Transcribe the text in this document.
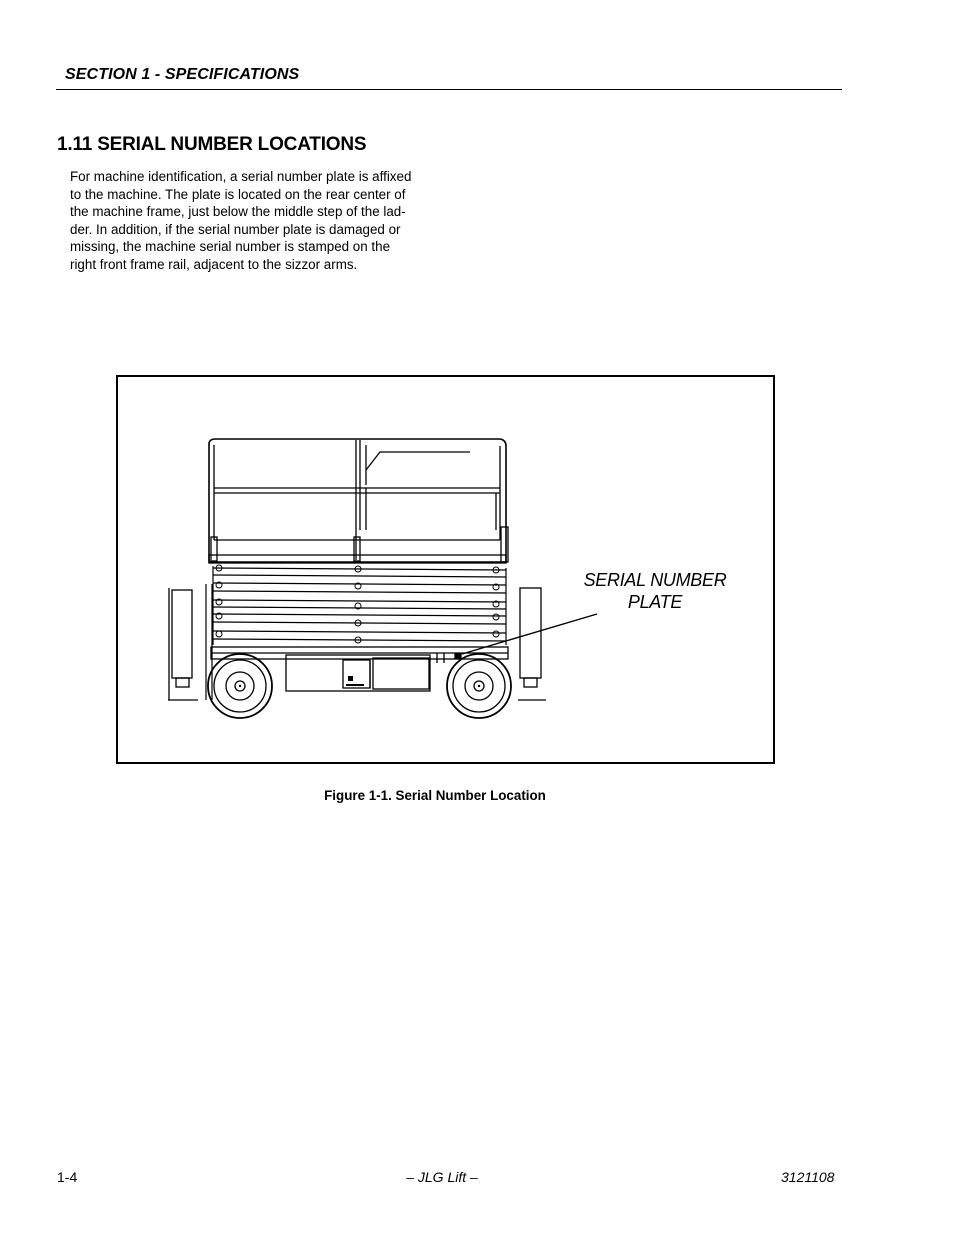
SECTION 1 - SPECIFICATIONS
1.11 SERIAL NUMBER LOCATIONS
For machine identification, a serial number plate is affixed
to the machine. The plate is located on the rear center of
the machine frame, just below the middle step of the lad-
der. In addition, if the serial number plate is damaged or
missing, the machine serial number is stamped on the
right front frame rail, adjacent to the sizzor arms.
SERIAL NUMBER
PLATE
Figure 1-1. Serial Number Location
1-4	– JLG Lift –	3121108
